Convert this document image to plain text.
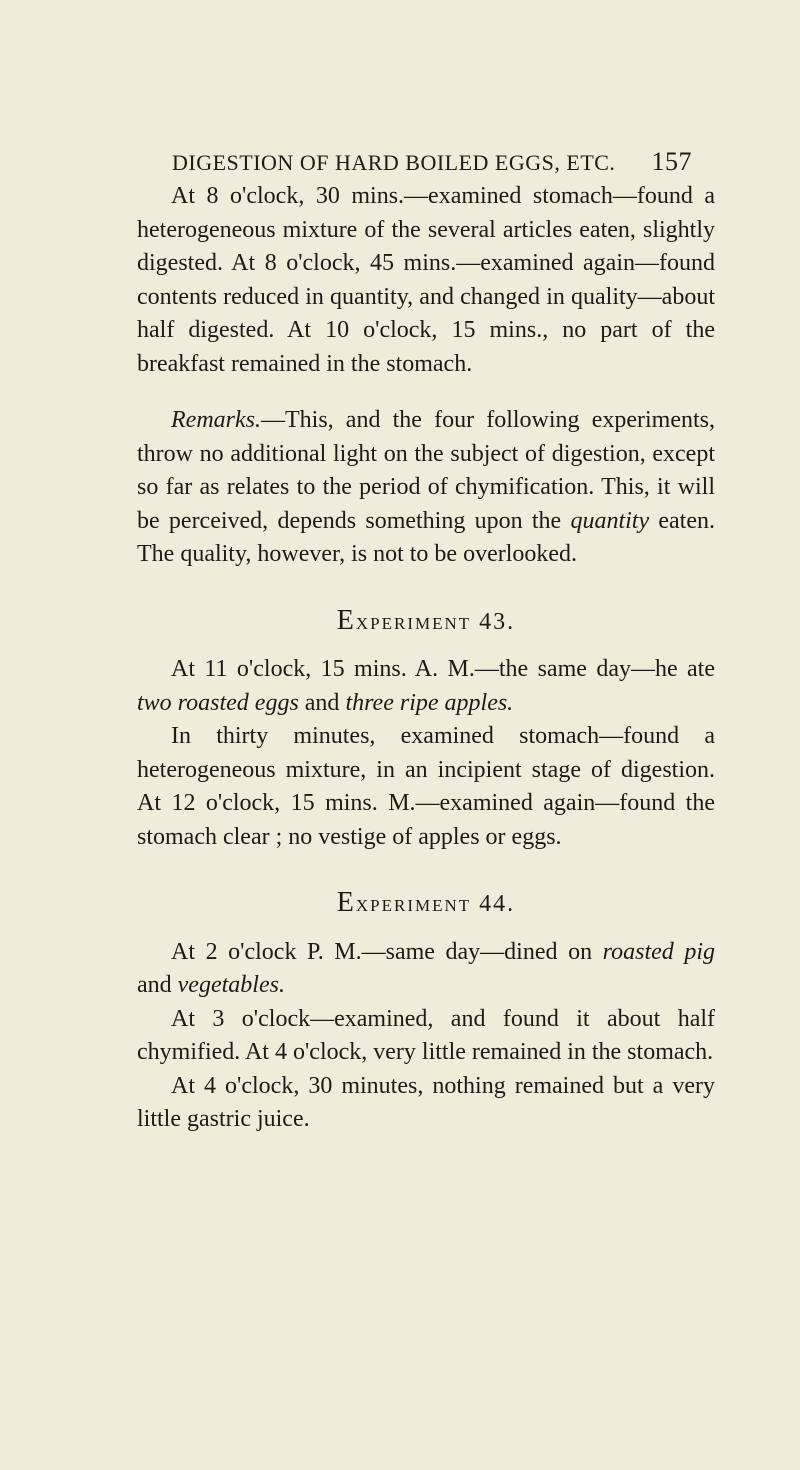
DIGESTION OF HARD BOILED EGGS, ETC. 157

At 8 o'clock, 30 mins.—examined stomach—found a heterogeneous mixture of the several articles eaten, slightly digested. At 8 o'clock, 45 mins.—examined again—found contents reduced in quantity, and changed in quality—about half digested. At 10 o'clock, 15 mins., no part of the breakfast remained in the stomach.

Remarks.—This, and the four following experiments, throw no additional light on the subject of digestion, except so far as relates to the period of chymification. This, it will be perceived, depends something upon the quantity eaten. The quality, however, is not to be overlooked.

Experiment 43.

At 11 o'clock, 15 mins. A. M.—the same day—he ate two roasted eggs and three ripe apples.

In thirty minutes, examined stomach—found a heterogeneous mixture, in an incipient stage of digestion. At 12 o'clock, 15 mins. M.—examined again—found the stomach clear ; no vestige of apples or eggs.

Experiment 44.

At 2 o'clock P. M.—same day—dined on roasted pig and vegetables.

At 3 o'clock—examined, and found it about half chymified. At 4 o'clock, very little remained in the stomach.

At 4 o'clock, 30 minutes, nothing remained but a very little gastric juice.
